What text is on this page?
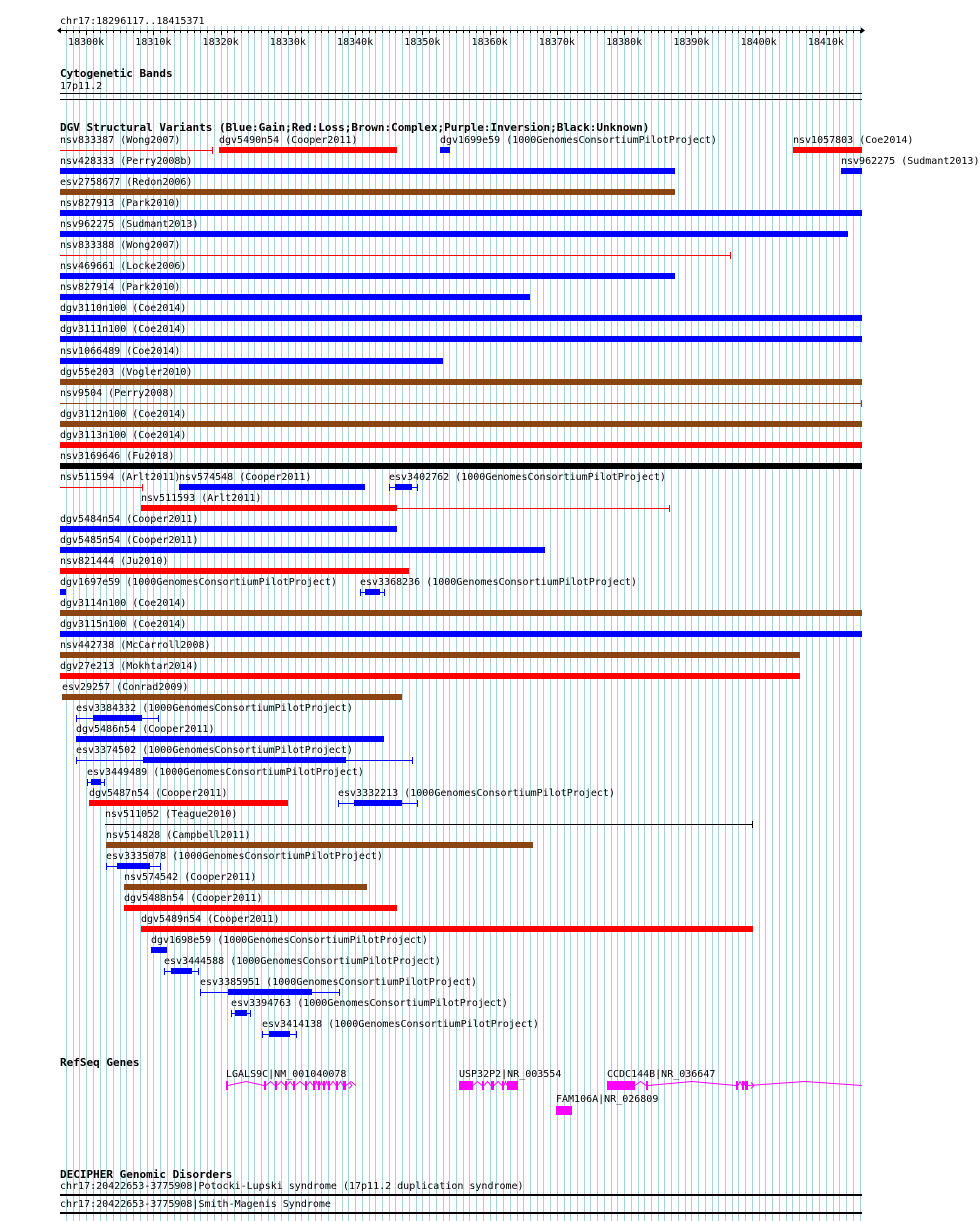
chr17:18296117..18415371
18300k	18310k	18320k	18330k	18340k	18350k	18360k	18370k	18380k	18390k	18400k	18410k
Cytogenetic Bands
17p11.2
DGV Structural Variants (Blue:Gain;Red:Loss;Brown:Complex;Purple:Inversion;Black:Unknown)
nsv833387 (Wong2007)	dgv5490n54 (Cooper2011)	dgv1699e59 (1000GenomesConsortiumPilotProject)	nsv1057803 (Coe2014)
nsv428333 (Perry2008b)	nsv962275 (Sudmant2013)
esv2758677 (Redon2006)
nsv827913 (Park2010)
nsv962275 (Sudmant2013)
nsv833388 (Wong2007)
nsv469661 (Locke2006)
nsv827914 (Park2010)
dgv3110n100 (Coe2014)
dgv3111n100 (Coe2014)
nsv1066489 (Coe2014)
dgv55e203 (Vogler2010)
nsv9504 (Perry2008)
dgv3112n100 (Coe2014)
dgv3113n100 (Coe2014)
nsv3169646 (Fu2018)
nsv511594 (Arlt2011)
nsv574548 (Cooper2011)	esv3402762 (1000GenomesConsortiumPilotProject)
nsv511593 (Arlt2011)
dgv5484n54 (Cooper2011)
dgv5485n54 (Cooper2011)
nsv821444 (Ju2010)
dgv1697e59 (1000GenomesConsortiumPilotProject) esv3368236 (1000GenomesConsortiumPilotProject)
dgv3114n100 (Coe2014)
dgv3115n100 (Coe2014)
nsv442738 (McCarroll2008)
dgv27e213 (Mokhtar2014)
esv29257 (Conrad2009)
esv3384332 (1000GenomesConsortiumPilotProject)
dgv5486n54 (Cooper2011)
esv3374502 (1000GenomesConsortiumPilotProject)
esv3449489 (1000GenomesConsortiumPilotProject)
dgv5487n54 (Cooper2011)	esv3332213 (1000GenomesConsortiumPilotProject)
nsv511052 (Teague2010)
nsv514828 (Campbell2011)
esv3335078 (1000GenomesConsortiumPilotProject)
nsv574542 (Cooper2011)
dgv5488n54 (Cooper2011)
dgv5489n54 (Cooper2011)
dgv1698e59 (1000GenomesConsortiumPilotProject)
esv3444588 (1000GenomesConsortiumPilotProject)
esv3385951 (1000GenomesConsortiumPilotProject)
esv3394763 (1000GenomesConsortiumPilotProject)
esv3414138 (1000GenomesConsortiumPilotProject)
RefSeq Genes
LGALS9C|NM_001040078	USP32P2|NR_003554	CCDC144B|NR_036647
FAM106A|NR_026809
DECIPHER Genomic Disorders
chr17:20422653-3775908|Potocki-Lupski syndrome (17p11.2 duplication syndrome)
chr17:20422653-3775908|Smith-Magenis Syndrome
